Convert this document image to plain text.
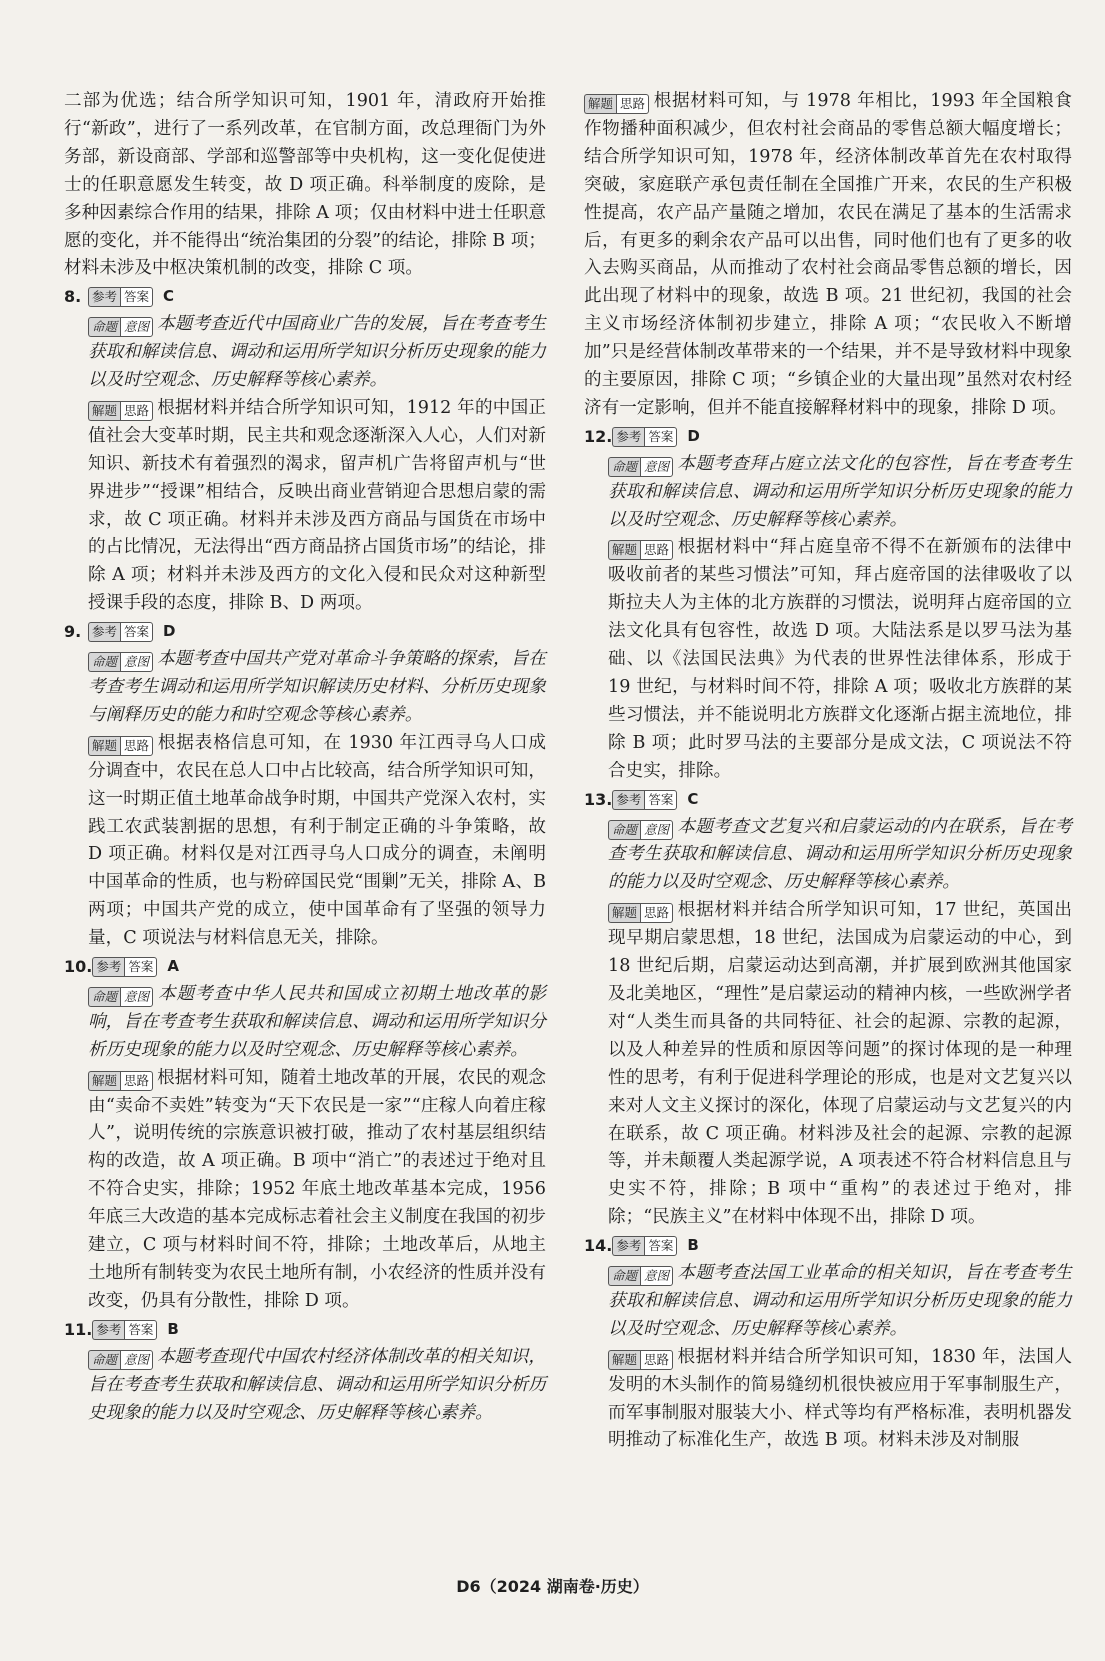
二部为优选；结合所学知识可知，1901 年，清政府开始推行“新政”，进行了一系列改革，在官制方面，改总理衙门为外务部，新设商部、学部和巡警部等中央机构，这一变化促使进士的任职意愿发生转变，故 D 项正确。科举制度的废除，是多种因素综合作用的结果，排除 A 项；仅由材料中进士任职意愿的变化，并不能得出“统治集团的分裂”的结论，排除 B 项；材料未涉及中枢决策机制的改变，排除 C 项。

8. 参考 答案 C

命题 意图 本题考查近代中国商业广告的发展，旨在考查考生获取和解读信息、调动和运用所学知识分析历史现象的能力以及时空观念、历史解释等核心素养。

解题 思路 根据材料并结合所学知识可知，1912 年的中国正值社会大变革时期，民主共和观念逐渐深入人心，人们对新知识、新技术有着强烈的渴求，留声机广告将留声机与“世界进步”“授课”相结合，反映出商业营销迎合思想启蒙的需求，故 C 项正确。材料并未涉及西方商品与国货在市场中的占比情况，无法得出“西方商品挤占国货市场”的结论，排除 A 项；材料并未涉及西方的文化入侵和民众对这种新型授课手段的态度，排除 B、D 两项。

9. 参考 答案 D

命题 意图 本题考查中国共产党对革命斗争策略的探索，旨在考查考生调动和运用所学知识解读历史材料、分析历史现象与阐释历史的能力和时空观念等核心素养。

解题 思路 根据表格信息可知，在 1930 年江西寻乌人口成分调查中，农民在总人口中占比较高，结合所学知识可知，这一时期正值土地革命战争时期，中国共产党深入农村，实践工农武装割据的思想，有利于制定正确的斗争策略，故 D 项正确。材料仅是对江西寻乌人口成分的调查，未阐明中国革命的性质，也与粉碎国民党“围剿”无关，排除 A、B 两项；中国共产党的成立，使中国革命有了坚强的领导力量，C 项说法与材料信息无关，排除。

10. 参考 答案 A

命题 意图 本题考查中华人民共和国成立初期土地改革的影响，旨在考查考生获取和解读信息、调动和运用所学知识分析历史现象的能力以及时空观念、历史解释等核心素养。

解题 思路 根据材料可知，随着土地改革的开展，农民的观念由“卖命不卖姓”转变为“天下农民是一家”“庄稼人向着庄稼人”，说明传统的宗族意识被打破，推动了农村基层组织结构的改造，故 A 项正确。B 项中“消亡”的表述过于绝对且不符合史实，排除；1952 年底土地改革基本完成，1956 年底三大改造的基本完成标志着社会主义制度在我国的初步建立，C 项与材料时间不符，排除；土地改革后，从地主土地所有制转变为农民土地所有制，小农经济的性质并没有改变，仍具有分散性，排除 D 项。

11. 参考 答案 B

命题 意图 本题考查现代中国农村经济体制改革的相关知识，旨在考查考生获取和解读信息、调动和运用所学知识分析历史现象的能力以及时空观念、历史解释等核心素养。

解题 思路 根据材料可知，与 1978 年相比，1993 年全国粮食作物播种面积减少，但农村社会商品的零售总额大幅度增长；结合所学知识可知，1978 年，经济体制改革首先在农村取得突破，家庭联产承包责任制在全国推广开来，农民的生产积极性提高，农产品产量随之增加，农民在满足了基本的生活需求后，有更多的剩余农产品可以出售，同时他们也有了更多的收入去购买商品，从而推动了农村社会商品零售总额的增长，因此出现了材料中的现象，故选 B 项。21 世纪初，我国的社会主义市场经济体制初步建立，排除 A 项；“农民收入不断增加”只是经营体制改革带来的一个结果，并不是导致材料中现象的主要原因，排除 C 项；“乡镇企业的大量出现”虽然对农村经济有一定影响，但并不能直接解释材料中的现象，排除 D 项。

12. 参考 答案 D

命题 意图 本题考查拜占庭立法文化的包容性，旨在考查考生获取和解读信息、调动和运用所学知识分析历史现象的能力以及时空观念、历史解释等核心素养。

解题 思路 根据材料中“拜占庭皇帝不得不在新颁布的法律中吸收前者的某些习惯法”可知，拜占庭帝国的法律吸收了以斯拉夫人为主体的北方族群的习惯法，说明拜占庭帝国的立法文化具有包容性，故选 D 项。大陆法系是以罗马法为基础、以《法国民法典》为代表的世界性法律体系，形成于 19 世纪，与材料时间不符，排除 A 项；吸收北方族群的某些习惯法，并不能说明北方族群文化逐渐占据主流地位，排除 B 项；此时罗马法的主要部分是成文法，C 项说法不符合史实，排除。

13. 参考 答案 C

命题 意图 本题考查文艺复兴和启蒙运动的内在联系，旨在考查考生获取和解读信息、调动和运用所学知识分析历史现象的能力以及时空观念、历史解释等核心素养。

解题 思路 根据材料并结合所学知识可知，17 世纪，英国出现早期启蒙思想，18 世纪，法国成为启蒙运动的中心，到 18 世纪后期，启蒙运动达到高潮，并扩展到欧洲其他国家及北美地区，“理性”是启蒙运动的精神内核，一些欧洲学者对“人类生而具备的共同特征、社会的起源、宗教的起源，以及人种差异的性质和原因等问题”的探讨体现的是一种理性的思考，有利于促进科学理论的形成，也是对文艺复兴以来对人文主义探讨的深化，体现了启蒙运动与文艺复兴的内在联系，故 C 项正确。材料涉及社会的起源、宗教的起源等，并未颠覆人类起源学说，A 项表述不符合材料信息且与史实不符，排除；B 项中“重构”的表述过于绝对，排除；“民族主义”在材料中体现不出，排除 D 项。

14. 参考 答案 B

命题 意图 本题考查法国工业革命的相关知识，旨在考查考生获取和解读信息、调动和运用所学知识分析历史现象的能力以及时空观念、历史解释等核心素养。

解题 思路 根据材料并结合所学知识可知，1830 年，法国人发明的木头制作的简易缝纫机很快被应用于军事制服生产，而军事制服对服装大小、样式等均有严格标准，表明机器发明推动了标准化生产，故选 B 项。材料未涉及对制服

D6（2024 湖南卷·历史）
